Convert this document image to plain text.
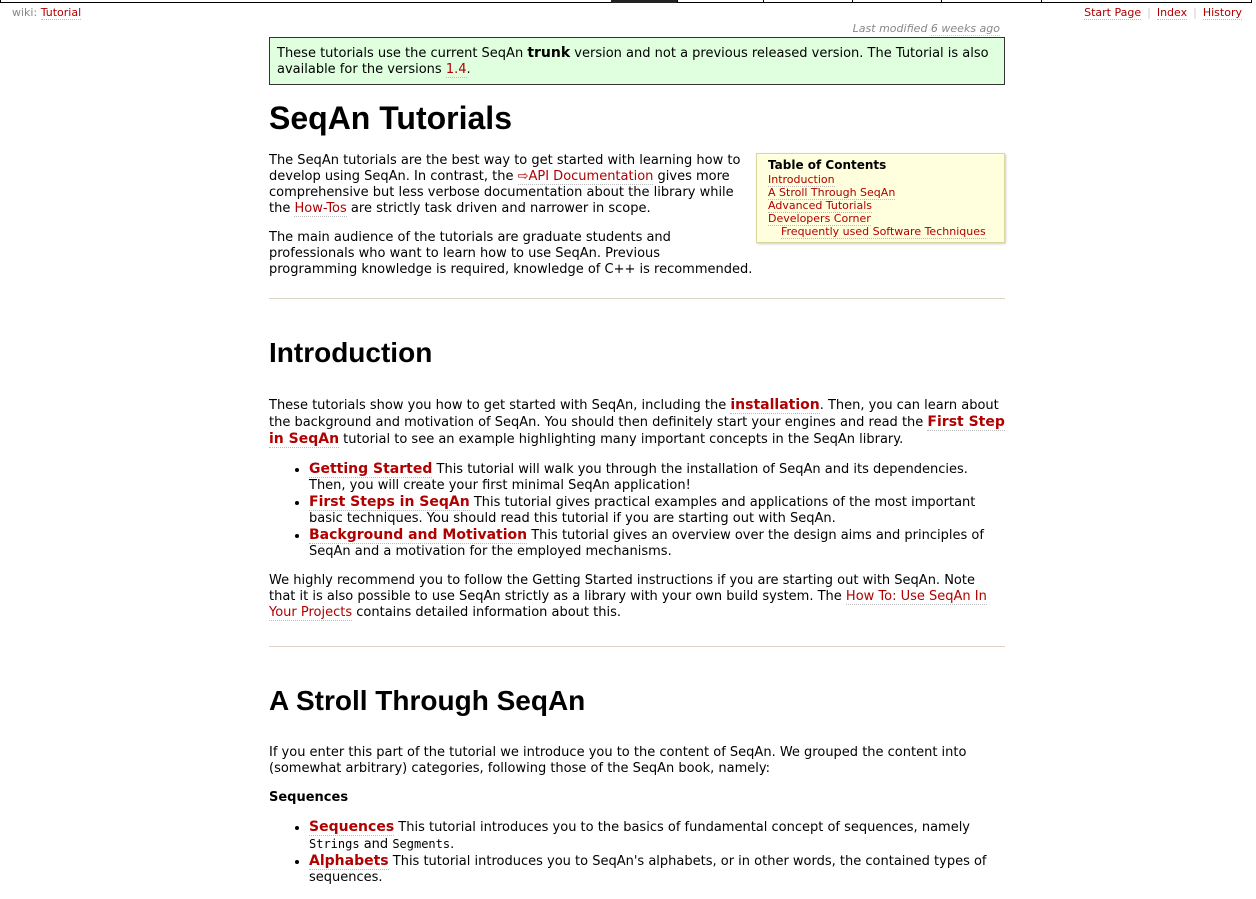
wiki: Tutorial	Start Page | Index | History
Last modified 6 weeks ago
These tutorials use the current SeqAn trunk version and not a previous released version. The Tutorial is also available for the versions 1.4.
SeqAn Tutorials
Table of Contents
Introduction
A Stroll Through SeqAn
Advanced Tutorials
Developers Corner
Frequently used Software Techniques

The SeqAn tutorials are the best way to get started with learning how to develop using SeqAn. In contrast, the ⇨API Documentation gives more comprehensive but less verbose documentation about the library while the How-Tos are strictly task driven and narrower in scope.

The main audience of the tutorials are graduate students and professionals who want to learn how to use SeqAn. Previous programming knowledge is required, knowledge of C++ is recommended.

Introduction

These tutorials show you how to get started with SeqAn, including the installation. Then, you can learn about the background and motivation of SeqAn. You should then definitely start your engines and read the First Step in SeqAn tutorial to see an example highlighting many important concepts in the SeqAn library.

• Getting Started This tutorial will walk you through the installation of SeqAn and its dependencies. Then, you will create your first minimal SeqAn application!
• First Steps in SeqAn This tutorial gives practical examples and applications of the most important basic techniques. You should read this tutorial if you are starting out with SeqAn.
• Background and Motivation This tutorial gives an overview over the design aims and principles of SeqAn and a motivation for the employed mechanisms.

We highly recommend you to follow the Getting Started instructions if you are starting out with SeqAn. Note that it is also possible to use SeqAn strictly as a library with your own build system. The How To: Use SeqAn In Your Projects contains detailed information about this.

A Stroll Through SeqAn

If you enter this part of the tutorial we introduce you to the content of SeqAn. We grouped the content into (somewhat arbitrary) categories, following those of the SeqAn book, namely:

Sequences
• Sequences This tutorial introduces you to the basics of fundamental concept of sequences, namely Strings and Segments.
• Alphabets This tutorial introduces you to SeqAn's alphabets, or in other words, the contained types of sequences.
